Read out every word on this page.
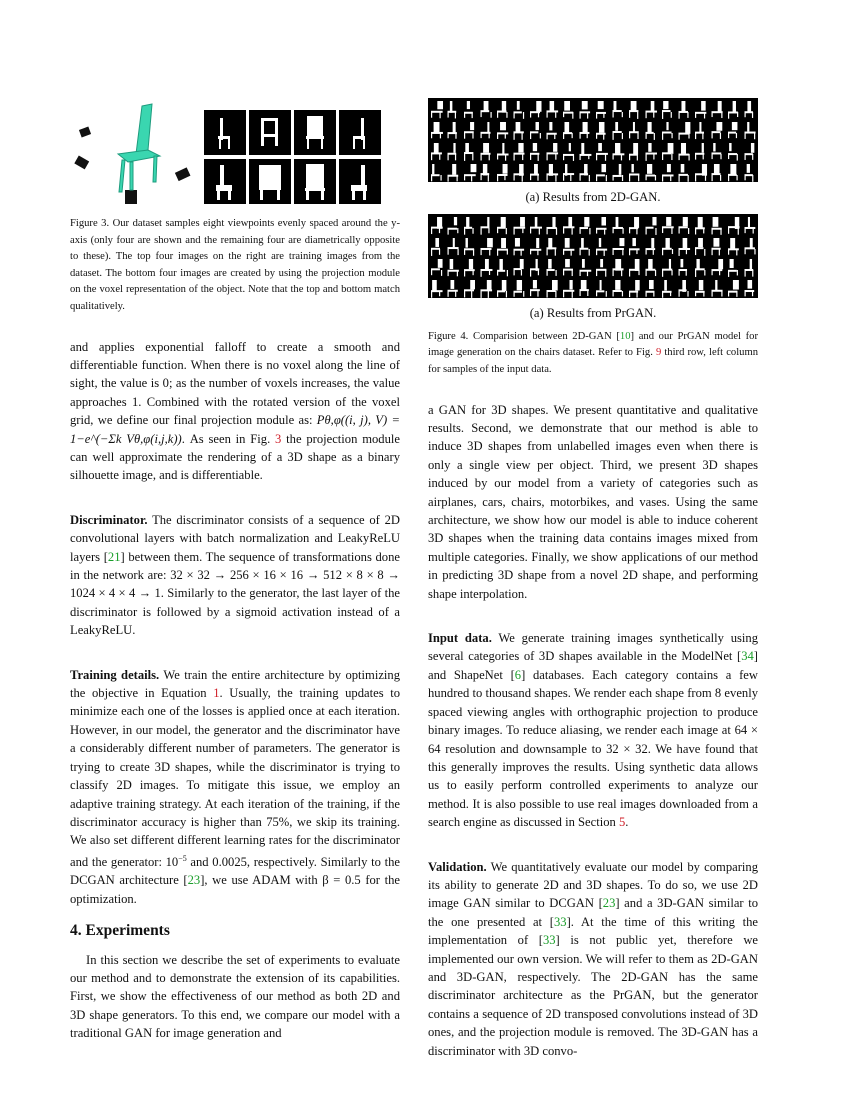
Figure 3. Our dataset samples eight viewpoints evenly spaced around the y-axis (only four are shown and the remaining four are diametrically opposite to these). The top four images on the right are training images from the dataset. The bottom four images are created by using the projection module on the voxel representation of the object. Note that the top and bottom match qualitatively.

and applies exponential falloff to create a smooth and differentiable function. When there is no voxel along the line of sight, the value is 0; as the number of voxels increases, the value approaches 1. Combined with the rotated version of the voxel grid, we define our final projection module as: Pθ,φ((i, j), V) = 1−e^(−Σk Vθ,φ(i,j,k)). As seen in Fig. 3 the projection module can well approximate the rendering of a 3D shape as a binary silhouette image, and is differentiable.

Discriminator. The discriminator consists of a sequence of 2D convolutional layers with batch normalization and LeakyReLU layers [21] between them. The sequence of transformations done in the network are: 32 × 32 → 256 × 16 × 16 → 512 × 8 × 8 → 1024 × 4 × 4 → 1. Similarly to the generator, the last layer of the discriminator is followed by a sigmoid activation instead of a LeakyReLU.

Training details. We train the entire architecture by optimizing the objective in Equation 1. Usually, the training updates to minimize each one of the losses is applied once at each iteration. However, in our model, the generator and the discriminator have a considerably different number of parameters. The generator is trying to create 3D shapes, while the discriminator is trying to classify 2D images. To mitigate this issue, we employ an adaptive training strategy. At each iteration of the training, if the discriminator accuracy is higher than 75%, we skip its training. We also set different different learning rates for the discriminator and the generator: $10^{-5}$ and 0.0025, respectively. Similarly to the DCGAN architecture [23], we use ADAM with β = 0.5 for the optimization.

4. Experiments

In this section we describe the set of experiments to evaluate our method and to demonstrate the extension of its capabilities. First, we show the effectiveness of our method as both 2D and 3D shape generators. To this end, we compare our model with a traditional GAN for image generation and

(a) Results from 2D-GAN.

(a) Results from PrGAN.

Figure 4. Comparision between 2D-GAN [10] and our PrGAN model for image generation on the chairs dataset. Refer to Fig. 9 third row, left column for samples of the input data.

a GAN for 3D shapes. We present quantitative and qualitative results. Second, we demonstrate that our method is able to induce 3D shapes from unlabelled images even when there is only a single view per object. Third, we present 3D shapes induced by our model from a variety of categories such as airplanes, cars, chairs, motorbikes, and vases. Using the same architecture, we show how our model is able to induce coherent 3D shapes when the training data contains images mixed from multiple categories. Finally, we show applications of our method in predicting 3D shape from a novel 2D shape, and performing shape interpolation.

Input data. We generate training images synthetically using several categories of 3D shapes available in the ModelNet [34] and ShapeNet [6] databases. Each category contains a few hundred to thousand shapes. We render each shape from 8 evenly spaced viewing angles with orthographic projection to produce binary images. To reduce aliasing, we render each image at 64 × 64 resolution and downsample to 32 × 32. We have found that this generally improves the results. Using synthetic data allows us to easily perform controlled experiments to analyze our method. It is also possible to use real images downloaded from a search engine as discussed in Section 5.

Validation. We quantitatively evaluate our model by comparing its ability to generate 2D and 3D shapes. To do so, we use 2D image GAN similar to DCGAN [23] and a 3D-GAN similar to the one presented at [33]. At the time of this writing the implementation of [33] is not public yet, therefore we implemented our own version. We will refer to them as 2D-GAN and 3D-GAN, respectively. The 2D-GAN has the same discriminator architecture as the PrGAN, but the generator contains a sequence of 2D transposed convolutions instead of 3D ones, and the projection module is removed. The 3D-GAN has a discriminator with 3D convo-
